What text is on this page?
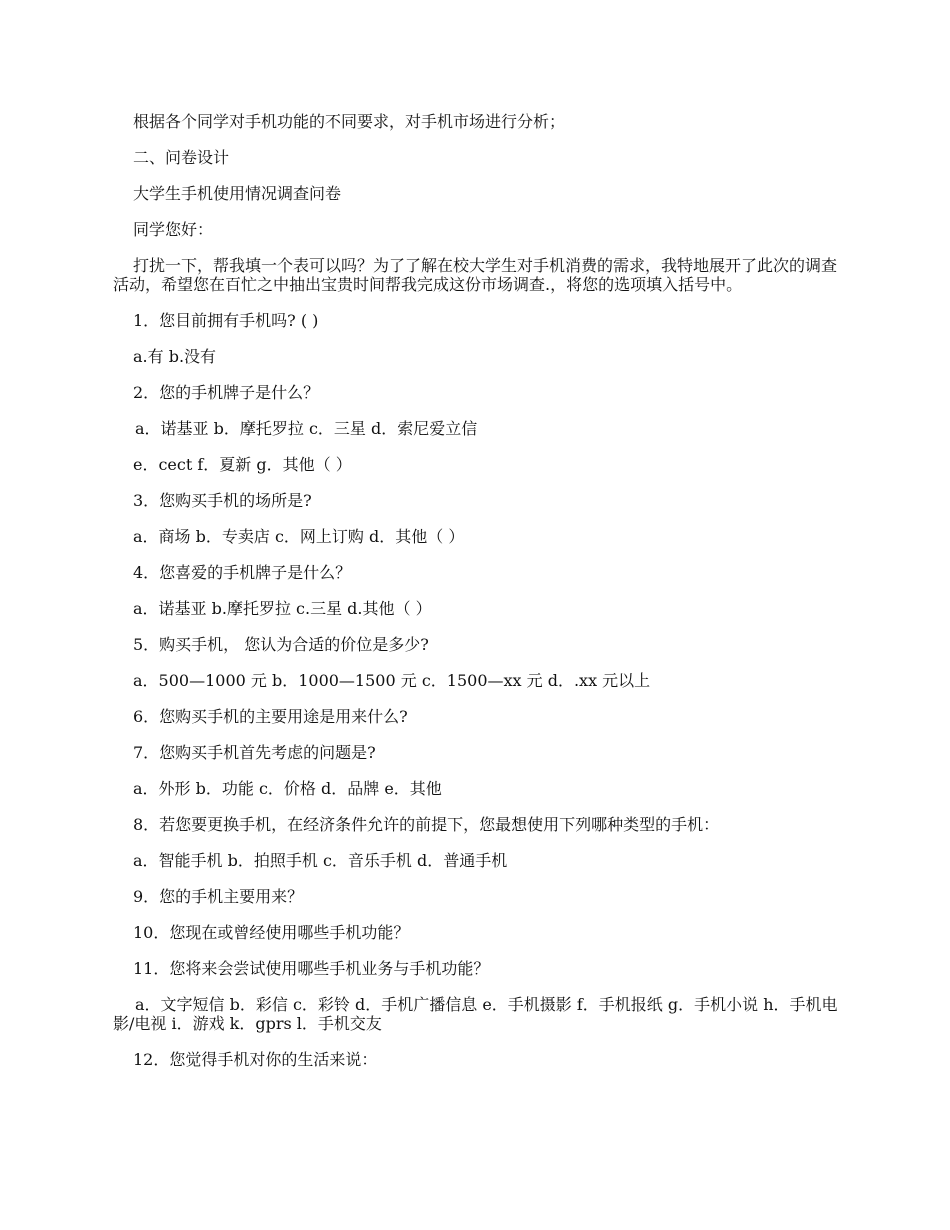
根据各个同学对手机功能的不同要求，对手机市场进行分析；

二、问卷设计

大学生手机使用情况调查问卷

同学您好：

打扰一下，帮我填一个表可以吗？为了了解在校大学生对手机消费的需求，我特地展开了此次的调查活动，希望您在百忙之中抽出宝贵时间帮我完成这份市场调查.，将您的选项填入括号中。

1．您目前拥有手机吗? ( )

a.有 b.没有

2．您的手机牌子是什么？

a．诺基亚 b．摩托罗拉 c．三星 d．索尼爱立信

e．cect f．夏新 g．其他（ ）

3．您购买手机的场所是?

a．商场 b．专卖店 c．网上订购 d．其他（ ）

4．您喜爱的手机牌子是什么？

a．诺基亚 b.摩托罗拉 c.三星 d.其他（ ）

5．购买手机， 您认为合适的价位是多少?

a．500—1000 元 b．1000—1500 元 c．1500—xx 元 d．.xx 元以上

6．您购买手机的主要用途是用来什么?

7．您购买手机首先考虑的问题是?

a．外形 b．功能 c．价格 d．品牌 e．其他

8．若您要更换手机，在经济条件允许的前提下，您最想使用下列哪种类型的手机：

a．智能手机 b．拍照手机 c．音乐手机 d．普通手机

9．您的手机主要用来？

10．您现在或曾经使用哪些手机功能？

11．您将来会尝试使用哪些手机业务与手机功能？

a．文字短信 b．彩信 c．彩铃 d．手机广播信息 e．手机摄影 f．手机报纸 g．手机小说 h．手机电影/电视 i．游戏 k．gprs l．手机交友

12．您觉得手机对你的生活来说：
